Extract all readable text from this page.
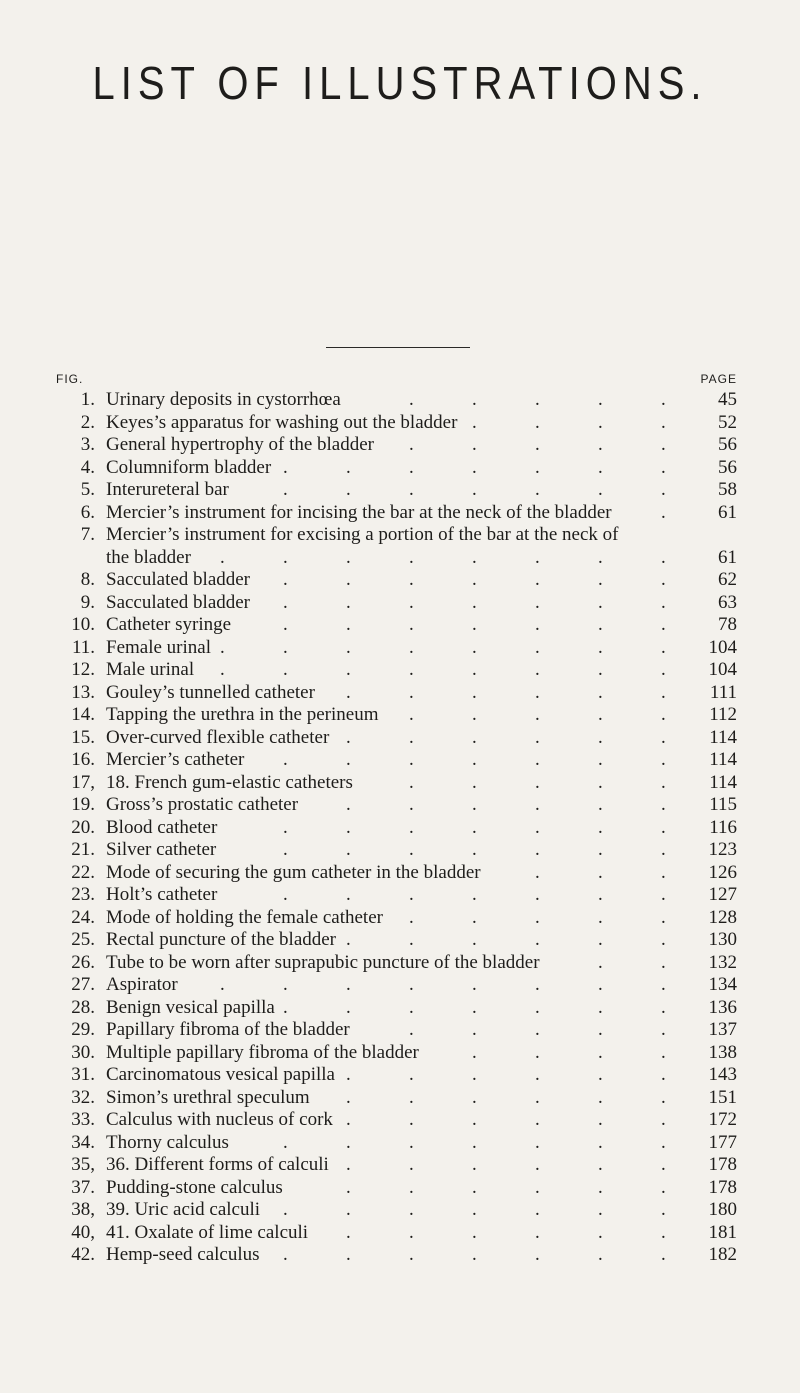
LIST OF ILLUSTRATIONS.
FIG.	PAGE
1. Urinary deposits in cystorrhœa	45
.	.	.	.	.
2. Keyes’s apparatus for washing out the bladder	52
.	.	.	.
3. General hypertrophy of the bladder	56
.	.	.	.	.
4. Columniform bladder	56
.	.	.	.	.	.	.
5. Interureteral bar	58
.	.	.	.	.	.	.
6. Mercier’s instrument for incising the bar at the neck of the bladder	61
.
7. Mercier’s instrument for excising a portion of the bar at the neck of
the bladder	61
.	.	.	.	.	.	.	.
8. Sacculated bladder	62
.	.	.	.	.	.	.
9. Sacculated bladder	63
.	.	.	.	.	.	.
10. Catheter syringe	78
.	.	.	.	.	.	.
11. Female urinal	104
.	.	.	.	.	.	.	.
12. Male urinal	104
.	.	.	.	.	.	.	.
13. Gouley’s tunnelled catheter	111
.	.	.	.	.	.
14. Tapping the urethra in the perineum	112
.	.	.	.	.
15. Over-curved flexible catheter	114
.	.	.	.	.	.
16. Mercier’s catheter	114
.	.	.	.	.	.	.
17, 18. French gum-elastic catheters	114
.	.	.	.	.
19. Gross’s prostatic catheter	115
.	.	.	.	.	.
20. Blood catheter	116
.	.	.	.	.	.	.
21. Silver catheter	123
.	.	.	.	.	.	.
22. Mode of securing the gum catheter in the bladder	126
.	.	.
23. Holt’s catheter	127
.	.	.	.	.	.	.
24. Mode of holding the female catheter	128
.	.	.	.	.
25. Rectal puncture of the bladder	130
.	.	.	.	.	.
26. Tube to be worn after suprapubic puncture of the bladder	132
.	.
27. Aspirator	134
.	.	.	.	.	.	.	.
28. Benign vesical papilla	136
.	.	.	.	.	.	.
29. Papillary fibroma of the bladder	137
.	.	.	.	.
30. Multiple papillary fibroma of the bladder	138
.	.	.	.
31. Carcinomatous vesical papilla	143
.	.	.	.	.	.
32. Simon’s urethral speculum	151
.	.	.	.	.	.
33. Calculus with nucleus of cork	172
.	.	.	.	.	.
34. Thorny calculus	177
.	.	.	.	.	.	.
35, 36. Different forms of calculi	178
.	.	.	.	.	.
37. Pudding-stone calculus	178
.	.	.	.	.	.
38, 39. Uric acid calculi	180
.	.	.	.	.	.	.
40, 41. Oxalate of lime calculi	181
.	.	.	.	.	.
42. Hemp-seed calculus	182
.	.	.	.	.	.	.
